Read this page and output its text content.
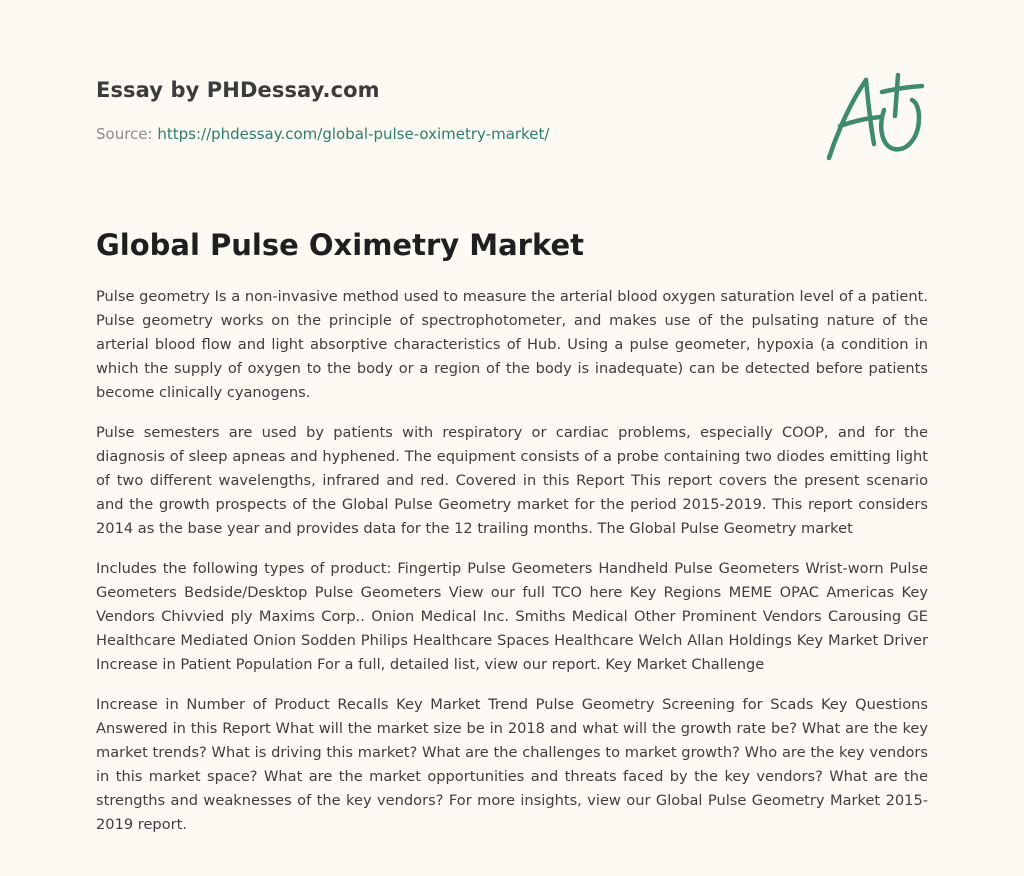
Essay by PHDessay.com
Source: https://phdessay.com/global-pulse-oximetry-market/
Global Pulse Oximetry Market

Pulse geometry Is a non-invasive method used to measure the arterial blood oxygen saturation level of a patient. Pulse geometry works on the principle of spectrophotometer, and makes use of the pulsating nature of the arterial blood flow and light absorptive characteristics of Hub. Using a pulse geometer, hypoxia (a condition in which the supply of oxygen to the body or a region of the body is inadequate) can be detected before patients become clinically cyanogens.

Pulse semesters are used by patients with respiratory or cardiac problems, especially COOP, and for the diagnosis of sleep apneas and hyphened. The equipment consists of a probe containing two diodes emitting light of two different wavelengths, infrared and red. Covered in this Report This report covers the present scenario and the growth prospects of the Global Pulse Geometry market for the period 2015-2019. This report considers 2014 as the base year and provides data for the 12 trailing months. The Global Pulse Geometry market

Includes the following types of product: Fingertip Pulse Geometers Handheld Pulse Geometers Wrist-worn Pulse Geometers Bedside/Desktop Pulse Geometers View our full TCO here Key Regions MEME OPAC Americas Key Vendors Chivvied ply Maxims Corp.. Onion Medical Inc. Smiths Medical Other Prominent Vendors Carousing GE Healthcare Mediated Onion Sodden Philips Healthcare Spaces Healthcare Welch Allan Holdings Key Market Driver Increase in Patient Population For a full, detailed list, view our report. Key Market Challenge

Increase in Number of Product Recalls Key Market Trend Pulse Geometry Screening for Scads Key Questions Answered in this Report What will the market size be in 2018 and what will the growth rate be? What are the key market trends? What is driving this market? What are the challenges to market growth? Who are the key vendors in this market space? What are the market opportunities and threats faced by the key vendors? What are the strengths and weaknesses of the key vendors? For more insights, view our Global Pulse Geometry Market 2015-2019 report.
